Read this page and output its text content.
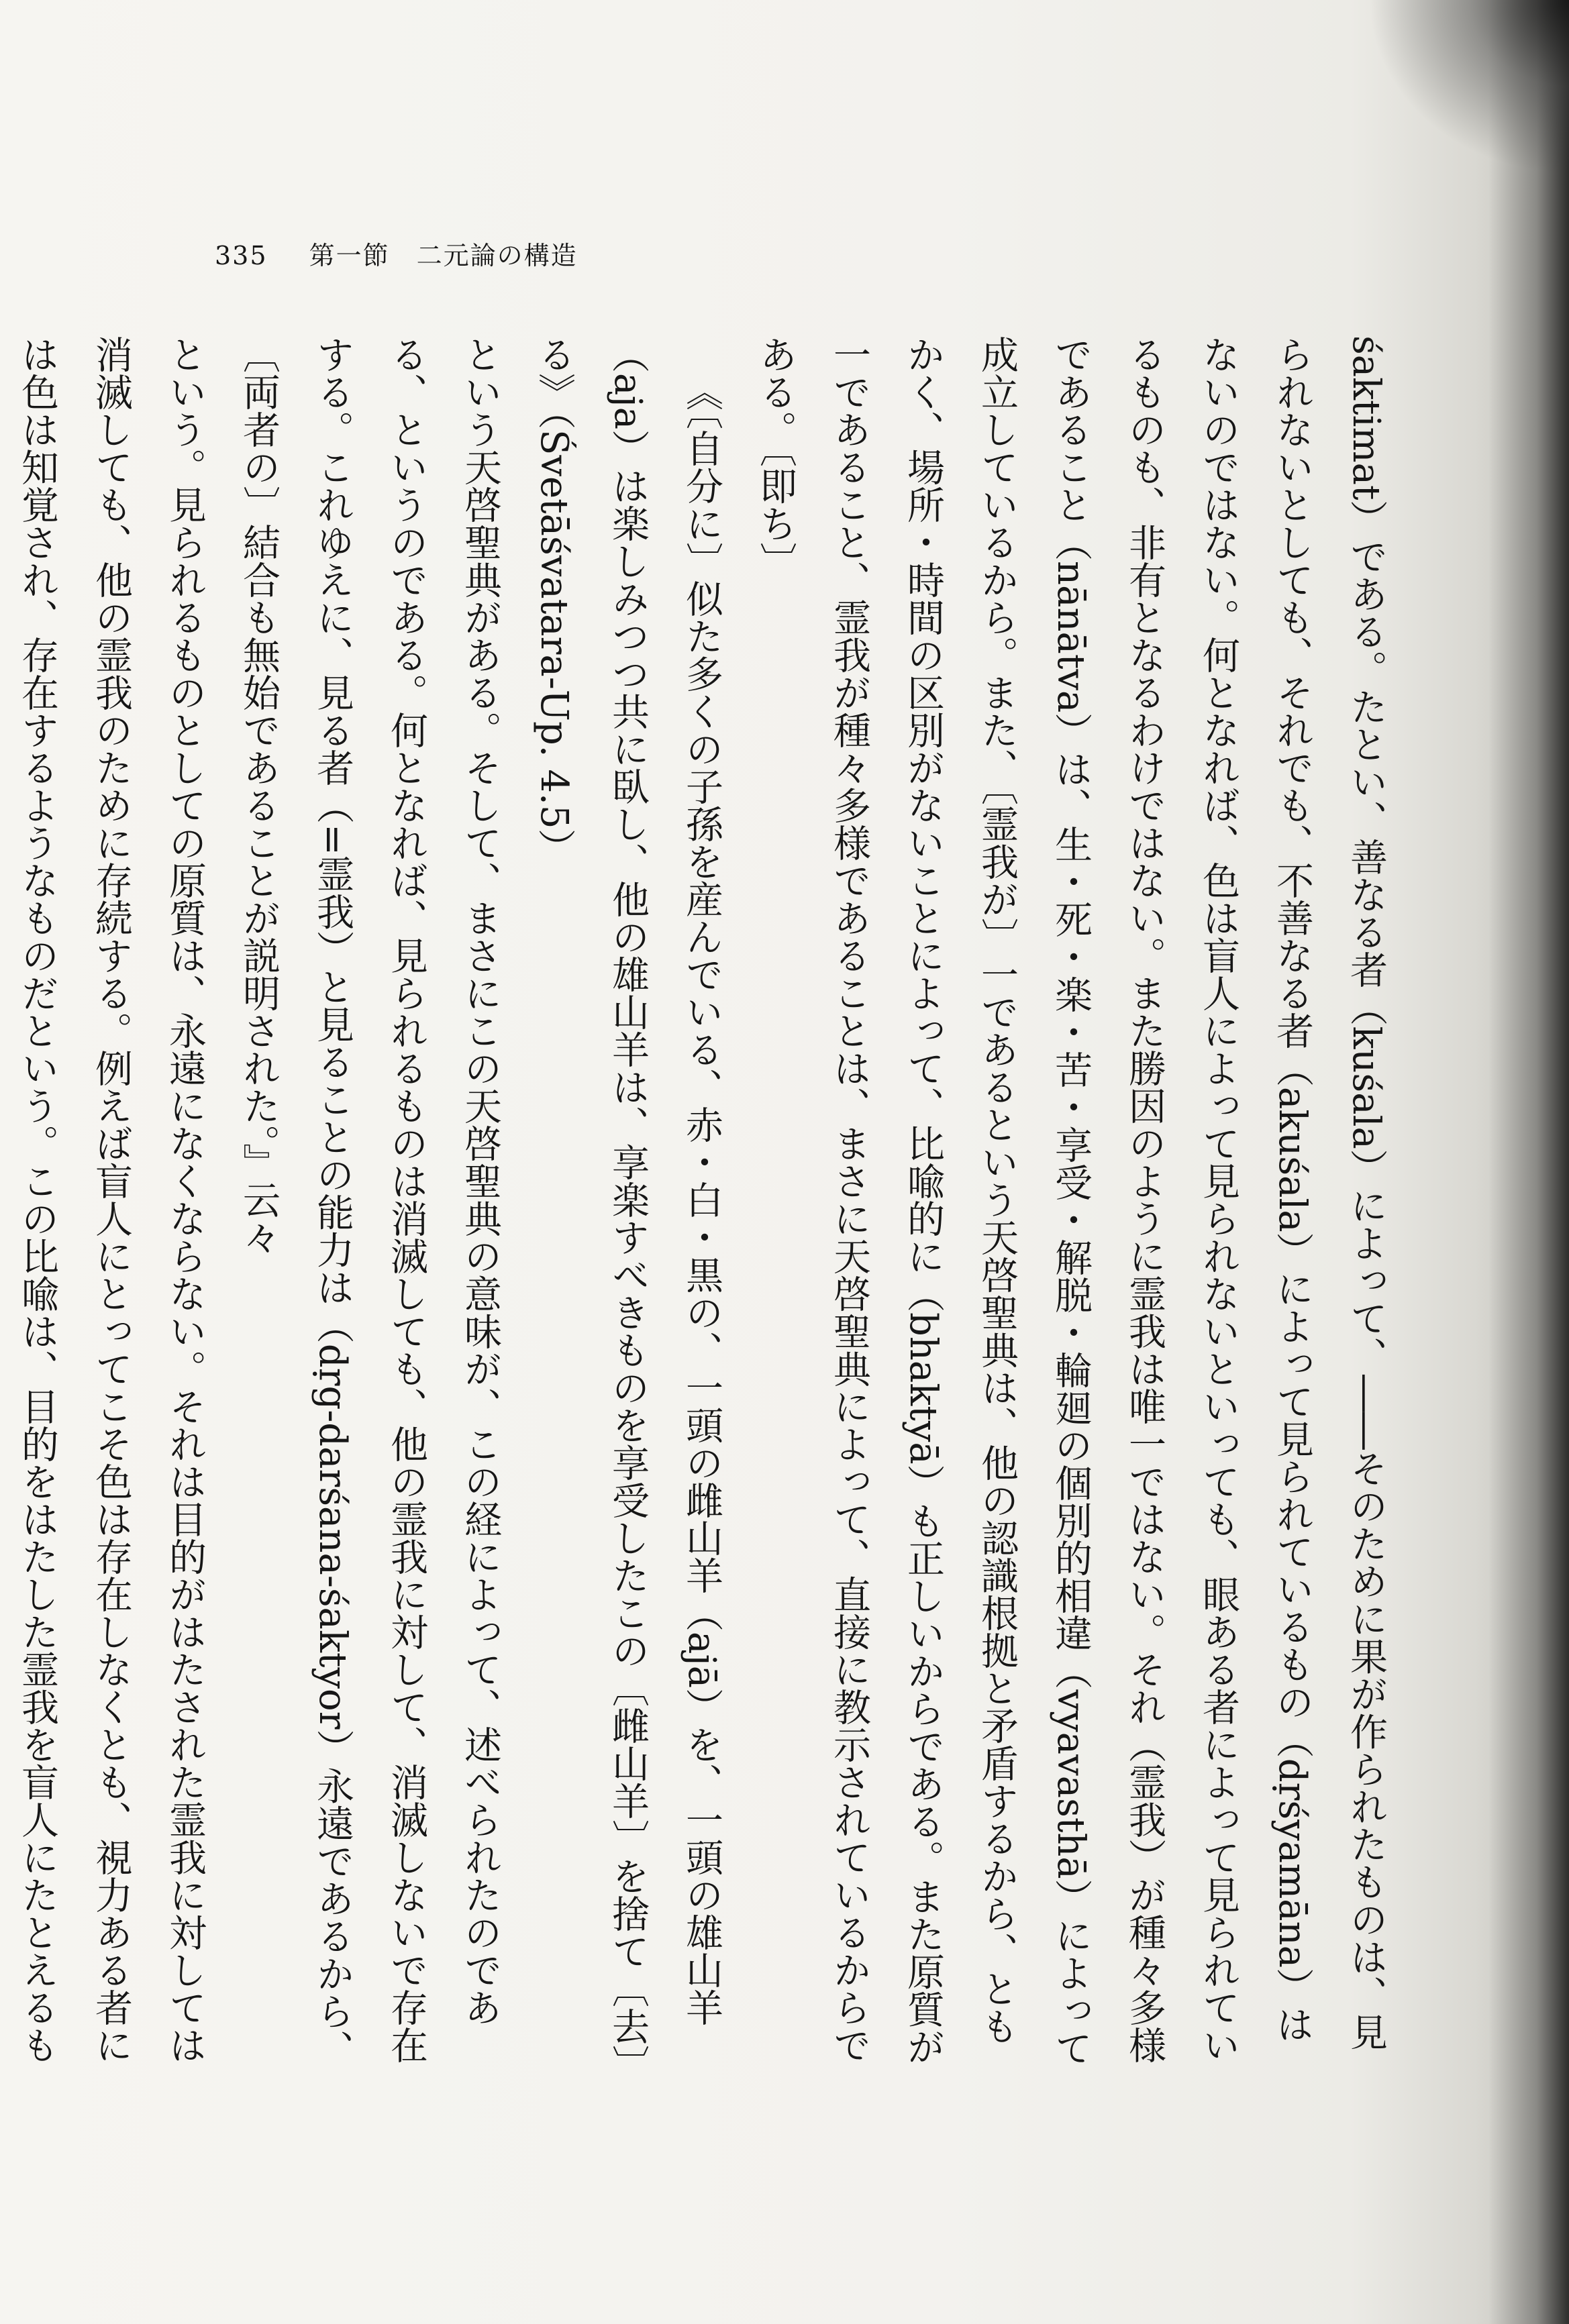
335 第一節　二元論の構造

śaktimat）である。たとい、善なる者（kuśala）によって、――そのために果が作られたものは、見られないとしても、それでも、不善なる者（akuśala）によって見られているもの（dṛśyamāna）はないのではない。何となれば、色は盲人によって見られないといっても、眼ある者によって見られているものも、非有となるわけではない。また勝因のように霊我は唯一ではない。それ（霊我）が種々多様であること（nānātva）は、生・死・楽・苦・享受・解脱・輪廻の個別的相違（vyavasthā）によって成立しているから。また、〔霊我が〕一であるという天啓聖典は、他の認識根拠と矛盾するから、ともかく、場所・時間の区別がないことによって、比喩的に（bhaktyā）も正しいからである。また原質が一であること、霊我が種々多様であることは、まさに天啓聖典によって、直接に教示されているからである。〔即ち〕

《〔自分に〕似た多くの子孫を産んでいる、赤・白・黒の、一頭の雌山羊（ajā）を、一頭の雄山羊（aja）は楽しみつつ共に臥し、他の雄山羊は、享楽すべきものを享受したこの〔雌山羊〕を捨て〔去〕る》（Śvetāśvatara-Up. 4.5）

という天啓聖典がある。そして、まさにこの天啓聖典の意味が、この経によって、述べられたのである、というのである。何となれば、見られるものは消滅しても、他の霊我に対して、消滅しないで存在する。これゆえに、見る者（=霊我）と見ることの能力は（dṛg-darśana-śaktyor）永遠であるから、〔両者の〕結合も無始であることが説明された。』云々

という。見られるものとしての原質は、永遠になくならない。それは目的がはたされた霊我に対しては消滅しても、他の霊我のために存続する。例えば盲人にとってこそ色は存在しなくとも、視力ある者には色は知覚され、存在するようなものだという。この比喩は、目的をはたした霊我を盲人にたとえるも
